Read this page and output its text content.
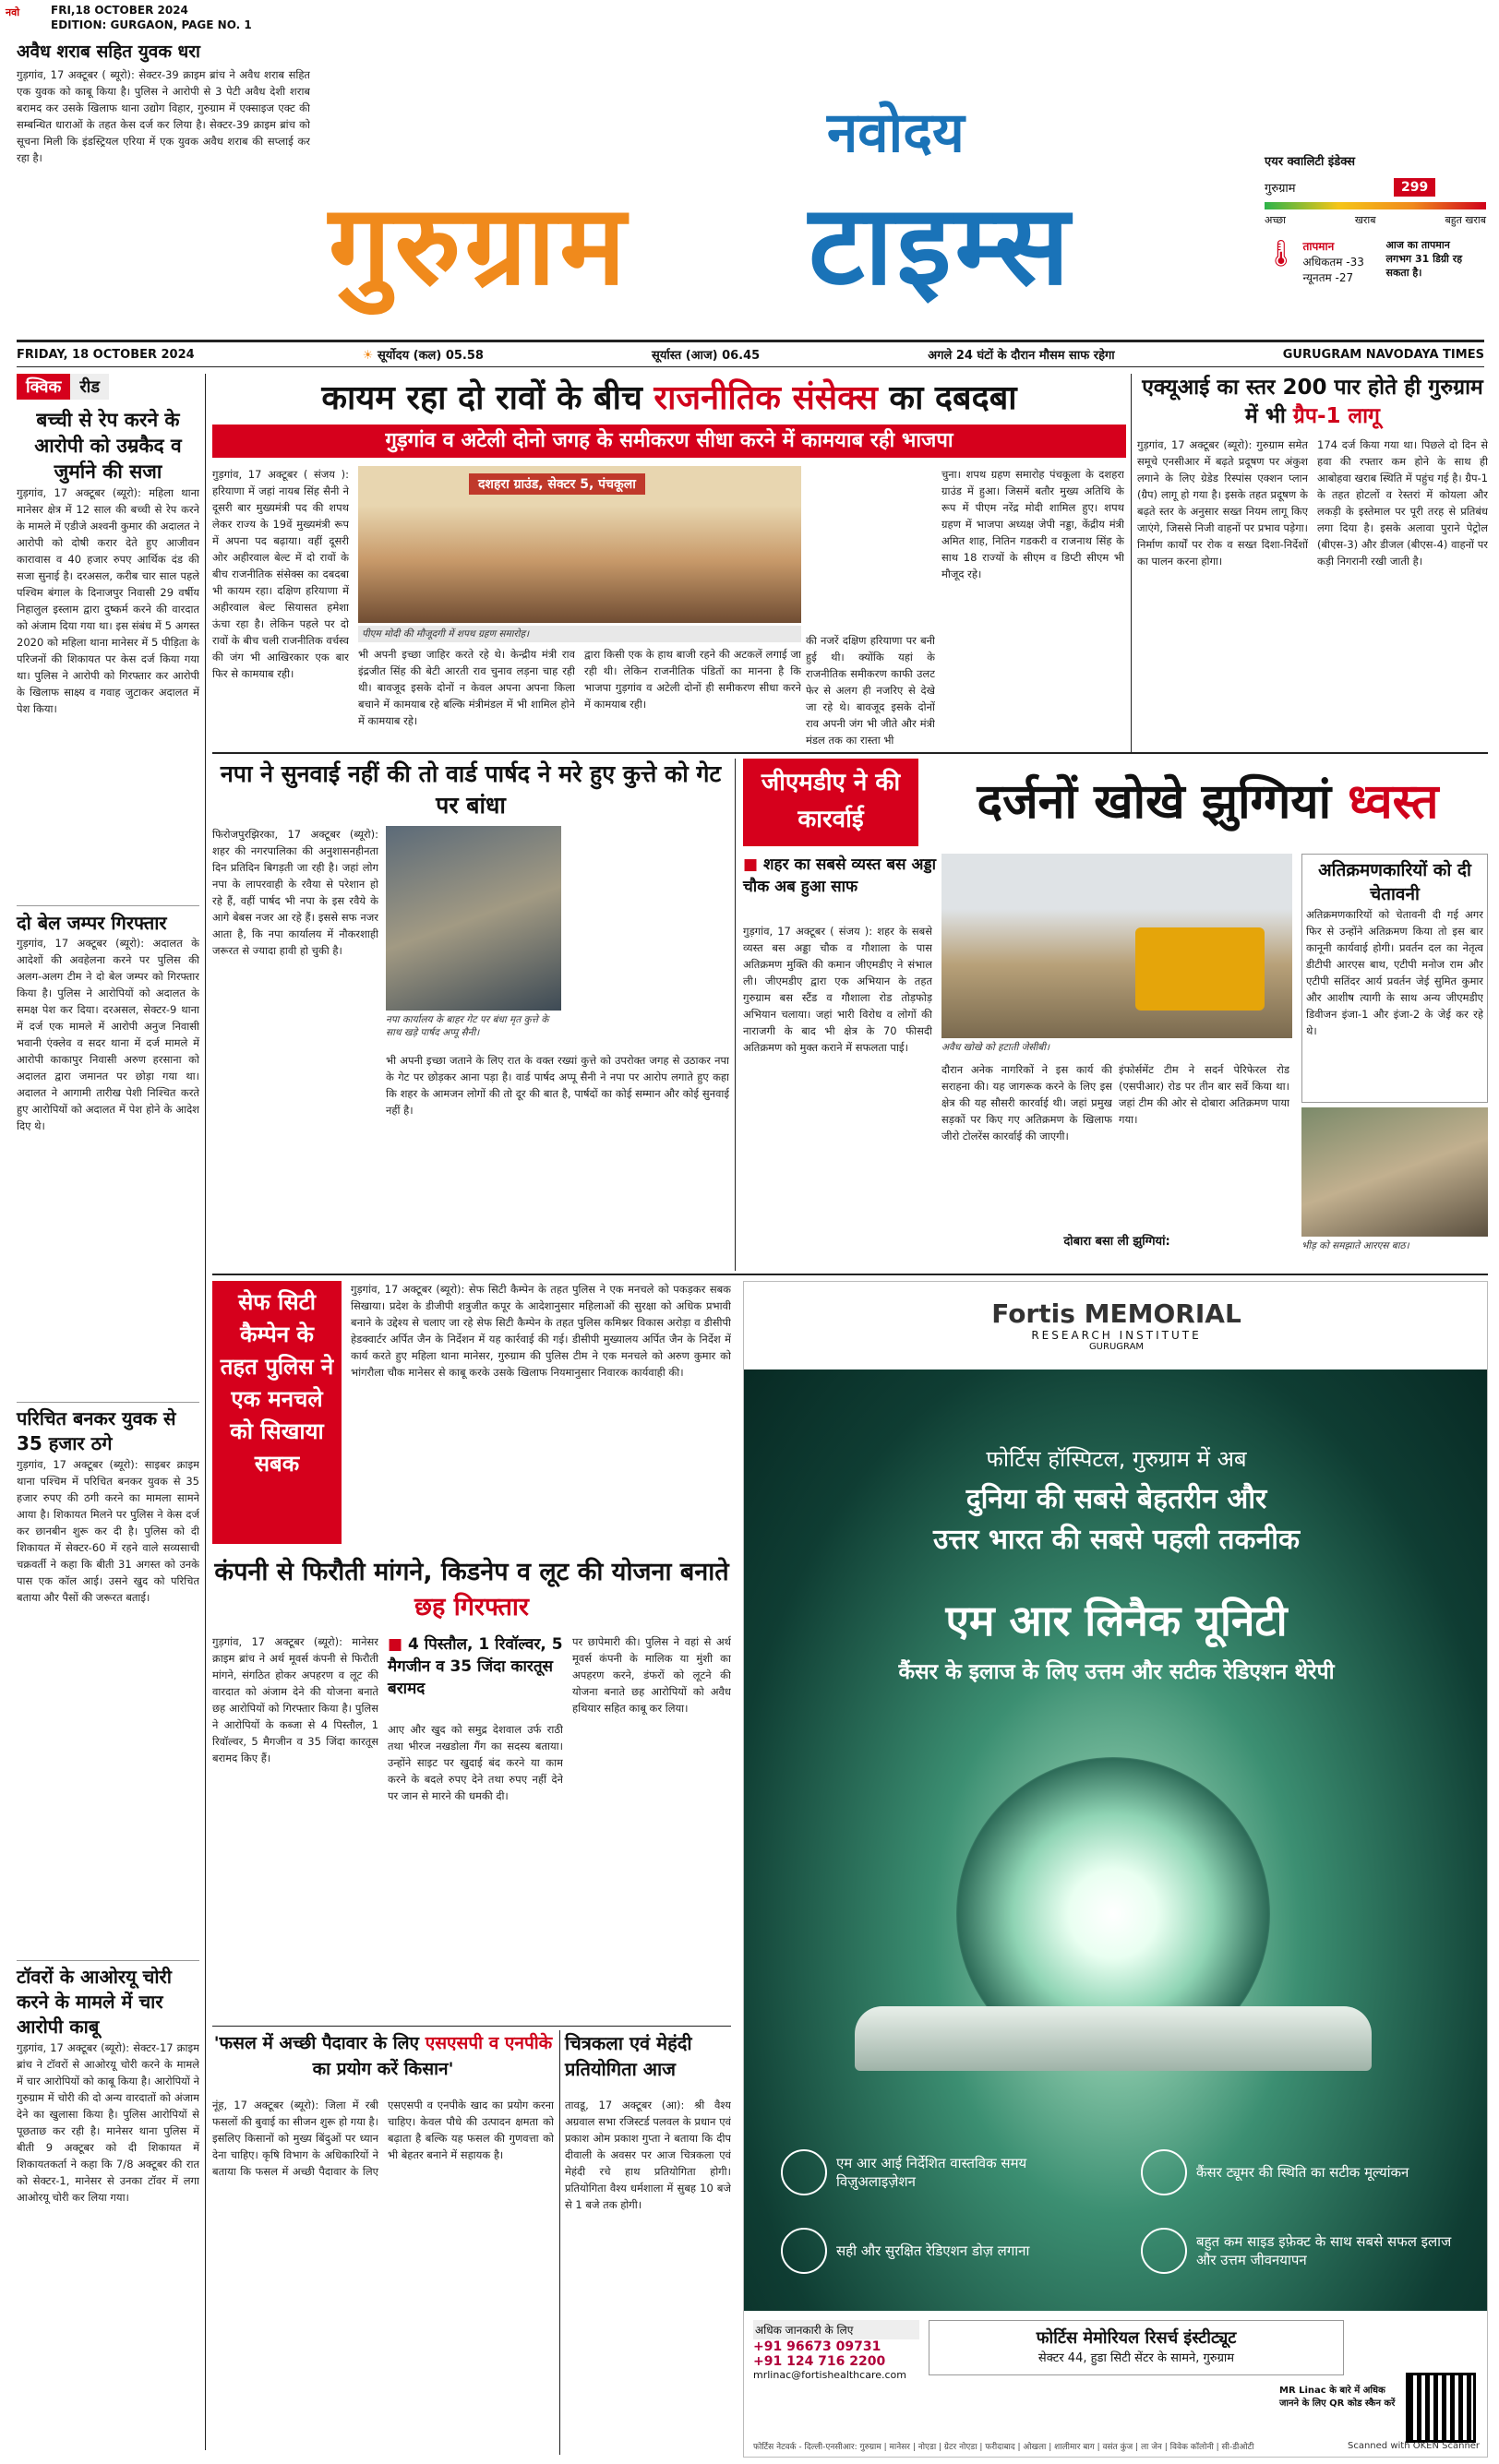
नवो	FRI,18 OCTOBER 2024
EDITION: GURGAON, PAGE NO. 1
अवैध शराब सहित युवक धरा
गुड़गांव, 17 अक्टूबर ( ब्यूरो): सेक्टर-39 क्राइम ब्रांच ने अवैध शराब सहित एक युवक को काबू किया है। पुलिस ने आरोपी से 3 पेटी अवैध देशी शराब बरामद कर उसके खिलाफ थाना उद्योग विहार, गुरुग्राम में एक्साइज एक्ट की सम्बन्धित धाराओं के तहत केस दर्ज कर लिया है। सेक्टर-39 क्राइम ब्रांच को सूचना मिली कि इंडस्ट्रियल एरिया में एक युवक अवैध शराब की सप्लाई कर रहा है।	नवोदय
गुरुग्राम टाइम्स
एयर क्वालिटी इंडेक्स
गुरुग्राम	299
अच्छा	खराब	बहुत खराब
🌡 तापमान
अधिकतम -33
न्यूनतम -27
आज का तापमान लगभग 31 डिग्री रह सकता है।
FRIDAY, 18 OCTOBER 2024	☀ सूर्योदय (कल) 05.58	सूर्यास्त (आज) 06.45	अगले 24 घंटों के दौरान मौसम साफ रहेगा	GURUGRAM NAVODAYA TIMES
क्विक	रीड
बच्ची से रेप करने के आरोपी को उम्रकैद व जुर्माने की सजा
गुड़गांव, 17 अक्टूबर (ब्यूरो): महिला थाना मानेसर क्षेत्र में 12 साल की बच्ची से रेप करने के मामले में एडीजे अश्वनी कुमार की अदालत ने आरोपी को दोषी करार देते हुए आजीवन कारावास व 40 हजार रुपए आर्थिक दंड की सजा सुनाई है। दरअसल, करीब चार साल पहले पश्चिम बंगाल के दिनाजपुर निवासी 29 वर्षीय निहालुल इस्लाम द्वारा दुष्कर्म करने की वारदात को अंजाम दिया गया था। इस संबंध में 5 अगस्त 2020 को महिला थाना मानेसर में 5 पीड़िता के परिजनों की शिकायत पर केस दर्ज किया गया था। पुलिस ने आरोपी को गिरफ्तार कर आरोपी के खिलाफ साक्ष्य व गवाह जुटाकर अदालत में पेश किया।
दो बेल जम्पर गिरफ्तार
गुड़गांव, 17 अक्टूबर (ब्यूरो): अदालत के आदेशों की अवहेलना करने पर पुलिस की अलग-अलग टीम ने दो बेल जम्पर को गिरफ्तार किया है। पुलिस ने आरोपियों को अदालत के समक्ष पेश कर दिया। दरअसल, सेक्टर-9 थाना में दर्ज एक मामले में आरोपी अनुज निवासी भवानी एंक्लेव व सदर थाना में दर्ज मामले में आरोपी काकापुर निवासी अरुण हरसाना को अदालत द्वारा जमानत पर छोड़ा गया था। अदालत ने आगामी तारीख पेशी निश्चित करते हुए आरोपियों को अदालत में पेश होने के आदेश दिए थे।
परिचित बनकर युवक से 35 हजार ठगे
गुड़गांव, 17 अक्टूबर (ब्यूरो): साइबर क्राइम थाना पश्चिम में परिचित बनकर युवक से 35 हजार रुपए की ठगी करने का मामला सामने आया है। शिकायत मिलने पर पुलिस ने केस दर्ज कर छानबीन शुरू कर दी है। पुलिस को दी शिकायत में सेक्टर-60 में रहने वाले सव्यसाची चक्रवर्ती ने कहा कि बीती 31 अगस्त को उनके पास एक कॉल आई। उसने खुद को परिचित बताया और पैसों की जरूरत बताई।
टॉवरों के आओरयू चोरी करने के मामले में चार आरोपी काबू
गुड़गांव, 17 अक्टूबर (ब्यूरो): सेक्टर-17 क्राइम ब्रांच ने टॉवरों से आओरयू चोरी करने के मामले में चार आरोपियों को काबू किया है। आरोपियों ने गुरुग्राम में चोरी की दो अन्य वारदातों को अंजाम देने का खुलासा किया है। पुलिस आरोपियों से पूछताछ कर रही है। मानेसर थाना पुलिस में बीती 9 अक्टूबर को दी शिकायत में शिकायतकर्ता ने कहा कि 7/8 अक्टूबर की रात को सेक्टर-1, मानेसर से उनका टॉवर में लगा आओरयू चोरी कर लिया गया।
कायम रहा दो रावों के बीच राजनीतिक संसेक्स का दबदबा
गुड़गांव व अटेली दोनो जगह के समीकरण सीधा करने में कामयाब रही भाजपा
गुड़गांव, 17 अक्टूबर ( संजय ): हरियाणा में जहां नायब सिंह सैनी ने दूसरी बार मुख्यमंत्री पद की शपथ लेकर राज्य के 19वें मुख्यमंत्री रूप में अपना पद बढ़ाया। वहीं दूसरी ओर अहीरवाल बेल्ट में दो रावों के बीच राजनीतिक संसेक्स का दबदबा भी कायम रहा। दक्षिण हरियाणा में अहीरवाल बेल्ट सियासत हमेशा ऊंचा रहा है। लेकिन पहले पर दो रावों के बीच चली राजनीतिक वर्चस्व की जंग भी आखिरकार एक बार फिर से कामयाब रही।
दशहरा ग्राउंड, सेक्टर 5, पंचकूला
पीएम मोदी की मौजूदगी में शपथ ग्रहण समारोह।
भी अपनी इच्छा जाहिर करते रहे थे। केन्द्रीय मंत्री राव इंद्रजीत सिंह की बेटी आरती राव चुनाव लड़ना चाह रही थी। बावजूद इसके दोनों न केवल अपना अपना किला बचाने में कामयाब रहे बल्कि मंत्रीमंडल में भी शामिल होने में कामयाब रहे।
द्वारा किसी एक के हाथ बाजी रहने की अटकलें लगाई जा रही थी। लेकिन राजनीतिक पंडितों का मानना है कि भाजपा गुड़गांव व अटेली दोनों ही समीकरण सीधा करने में कामयाब रही।
की नजरें दक्षिण हरियाणा पर बनी हुई थी। क्योंकि यहां के राजनीतिक समीकरण काफी उलट फेर से अलग ही नजरिए से देखे जा रहे थे। बावजूद इसके दोनों राव अपनी जंग भी जीते और मंत्री मंडल तक का रास्ता भी
चुना। शपथ ग्रहण समारोह पंचकूला के दशहरा ग्राउंड में हुआ। जिसमें बतौर मुख्य अतिथि के रूप में पीएम नरेंद्र मोदी शामिल हुए। शपथ ग्रहण में भाजपा अध्यक्ष जेपी नड्डा, केंद्रीय मंत्री अमित शाह, नितिन गडकरी व राजनाथ सिंह के साथ 18 राज्यों के सीएम व डिप्टी सीएम भी मौजूद रहे।
एक्यूआई का स्तर 200 पार होते ही गुरुग्राम में भी ग्रैप-1 लागू
गुड़गांव, 17 अक्टूबर (ब्यूरो): गुरुग्राम समेत समूचे एनसीआर में बढ़ते प्रदूषण पर अंकुश लगाने के लिए ग्रेडेड रिस्पांस एक्शन प्लान (ग्रैप) लागू हो गया है। इसके तहत प्रदूषण के बढ़ते स्तर के अनुसार सख्त नियम लागू किए जाएंगे, जिससे निजी वाहनों पर प्रभाव पड़ेगा। निर्माण कार्यों पर रोक व सख्त दिशा-निर्देशों का पालन करना होगा।
174 दर्ज किया गया था। पिछले दो दिन से हवा की रफ्तार कम होने के साथ ही आबोहवा खराब स्थिति में पहुंच गई है। ग्रैप-1 के तहत होटलों व रेस्तरां में कोयला और लकड़ी के इस्तेमाल पर पूरी तरह से प्रतिबंध लगा दिया है। इसके अलावा पुराने पेट्रोल (बीएस-3) और डीजल (बीएस-4) वाहनों पर कड़ी निगरानी रखी जाती है।
नपा ने सुनवाई नहीं की तो वार्ड पार्षद ने मरे हुए कुत्ते को गेट पर बांधा
फिरोजपुरझिरका, 17 अक्टूबर (ब्यूरो): शहर की नगरपालिका की अनुशासनहीनता दिन प्रतिदिन बिगड़ती जा रही है। जहां लोग नपा के लापरवाही के रवैया से परेशान हो रहे हैं, वहीं पार्षद भी नपा के इस रवैये के आगे बेबस नजर आ रहे हैं। इससे सफ नजर आता है, कि नपा कार्यालय में नौकरशाही जरूरत से ज्यादा हावी हो चुकी है।
नपा कार्यालय के बाहर गेट पर बंधा मृत कुत्ते के साथ खड़े पार्षद अप्पू सैनी।
भी अपनी इच्छा जताने के लिए रात के वक्त रख्यां कुत्ते को उपरोक्त जगह से उठाकर नपा के गेट पर छोड़कर आना पड़ा है। वार्ड पार्षद अप्पू सैनी ने नपा पर आरोप लगाते हुए कहा कि शहर के आमजन लोगों की तो दूर की बात है, पार्षदों का कोई सम्मान और कोई सुनवाई नहीं है।
जीएमडीए ने की कारर्वाई	दर्जनों खोखे झुग्गियां ध्वस्त
■ शहर का सबसे व्यस्त बस अड्डा चौक अब हुआ साफ
गुड़गांव, 17 अक्टूबर ( संजय ): शहर के सबसे व्यस्त बस अड्डा चौक व गौशाला के पास अतिक्रमण मुक्ति की कमान जीएमडीए ने संभाल ली। जीएमडीए द्वारा एक अभियान के तहत गुरुग्राम बस स्टैंड व गौशाला रोड तोड़फोड़ अभियान चलाया। जहां भारी विरोध व लोगों की नाराजगी के बाद भी क्षेत्र के 70 फीसदी अतिक्रमण को मुक्त कराने में सफलता पाई।	अवैध खोखे को हटाती जेसीबी।
अतिक्रमणकारियों को दी चेतावनी
अतिक्रमणकारियों को चेतावनी दी गई अगर फिर से उन्होंने अतिक्रमण किया तो इस बार कानूनी कार्यवाई होगी। प्रवर्तन दल का नेतृत्व डीटीपी आरएस बाथ, एटीपी मनोज राम और एटीपी सतिंदर आर्य प्रवर्तन जेई सुमित कुमार और आशीष त्यागी के साथ अन्य जीएमडीए डिवीजन इंजा-1 और इंजा-2 के जेई कर रहे थे।
दौरान अनेक नागरिकों ने इस कार्य की सराहना की। यह जागरूक करने के लिए इस क्षेत्र की यह सौसरी कारर्वाई थी। जहां प्रमुख सड़कों पर किए गए अतिक्रमण के खिलाफ जीरो टोलरेंस कारर्वाई की जाएगी।
इंफोर्समेंट टीम ने सदर्न पेरिफेरल रोड (एसपीआर) रोड पर तीन बार सर्वे किया था। जहां टीम की ओर से दोबारा अतिक्रमण पाया गया।
भीड़ को समझाते आरएस बाठ।
दोबारा बसा ली झुग्गियां:
सेफ सिटी कैम्पेन के तहत पुलिस ने एक मनचले को सिखाया सबक
गुड़गांव, 17 अक्टूबर (ब्यूरो): सेफ सिटी कैम्पेन के तहत पुलिस ने एक मनचले को पकड़कर सबक सिखाया। प्रदेश के डीजीपी शत्रुजीत कपूर के आदेशानुसार महिलाओं की सुरक्षा को अधिक प्रभावी बनाने के उद्देश्य से चलाए जा रहे सेफ सिटी कैम्पेन के तहत पुलिस कमिश्नर विकास अरोड़ा व डीसीपी हेडक्वार्टर अर्पित जैन के निर्देशन में यह कार्रवाई की गई। डीसीपी मुख्यालय अर्पित जैन के निर्देश में कार्य करते हुए महिला थाना मानेसर, गुरुग्राम की पुलिस टीम ने एक मनचले को अरुण कुमार को भांगरौला चौक मानेसर से काबू करके उसके खिलाफ नियमानुसार निवारक कार्यवाही की।
कंपनी से फिरौती मांगने, किडनेप व लूट की योजना बनाते छह गिरफ्तार
गुड़गांव, 17 अक्टूबर (ब्यूरो): मानेसर क्राइम ब्रांच ने अर्थ मूवर्स कंपनी से फिरौती मांगने, संगठित होकर अपहरण व लूट की वारदात को अंजाम देने की योजना बनाते छह आरोपियों को गिरफ्तार किया है। पुलिस ने आरोपियों के कब्जा से 4 पिस्तौल, 1 रिवॉल्वर, 5 मैगजीन व 35 जिंदा कारतूस बरामद किए हैं।
■ 4 पिस्तौल, 1 रिवॉल्वर, 5 मैगजीन व 35 जिंदा कारतूस बरामद
आए और खुद को समुद्र देशवाल उर्फ राठी तथा भीरज नखडोला गैंग का सदस्य बताया। उन्होंने साइट पर खुदाई बंद करने या काम करने के बदले रुपए देने तथा रुपए नहीं देने पर जान से मारने की धमकी दी।
पर छापेमारी की। पुलिस ने वहां से अर्थ मूवर्स कंपनी के मालिक या मुंशी का अपहरण करने, डंफरों को लूटने की योजना बनाते छह आरोपियों को अवैध हथियार सहित काबू कर लिया।
'फसल में अच्छी पैदावार के लिए एसएसपी व एनपीके का प्रयोग करें किसान'
नूंह, 17 अक्टूबर (ब्यूरो): जिला में रबी फसलों की बुवाई का सीजन शुरू हो गया है। इसलिए किसानों को मुख्य बिंदुओं पर ध्यान देना चाहिए। कृषि विभाग के अधिकारियों ने बताया कि फसल में अच्छी पैदावार के लिए एसएसपी व एनपीके खाद का प्रयोग करना चाहिए। केवल पौधे की उत्पादन क्षमता को बढ़ाता है बल्कि यह फसल की गुणवत्ता को भी बेहतर बनाने में सहायक है।
चित्रकला एवं मेहंदी प्रतियोगिता आज
तावडू, 17 अक्टूबर (आ): श्री वैश्य अग्रवाल सभा रजिस्टर्ड पलवल के प्रधान एवं प्रकाश ओम प्रकाश गुप्ता ने बताया कि दीप दीवाली के अवसर पर आज चित्रकला एवं मेहंदी रचे हाथ प्रतियोगिता होगी। प्रतियोगिता वैश्य धर्मशाला में सुबह 10 बजे से 1 बजे तक होगी।
Fortis MEMORIAL
RESEARCH INSTITUTE
GURUGRAM
फोर्टिस हॉस्पिटल, गुरुग्राम में अब
दुनिया की सबसे बेहतरीन और
उत्तर भारत की सबसे पहली तकनीक
एम आर लिनैक यूनिटी
कैंसर के इलाज के लिए उत्तम और सटीक रेडिएशन थेरेपी
एम आर आई निर्देशित वास्तविक समय विज़ुअलाइज़ेशन
कैंसर ट्यूमर की स्थिति का सटीक मूल्यांकन
सही और सुरक्षित रेडिएशन डोज़ लगाना
बहुत कम साइड इफ़ेक्ट के साथ सबसे सफल इलाज और उत्तम जीवनयापन
अधिक जानकारी के लिए
+91 96673 09731
+91 124 716 2200
mrlinac@fortishealthcare.com
फोर्टिस मेमोरियल रिसर्च इंस्टीट्यूट
सेक्टर 44, हुडा सिटी सेंटर के सामने, गुरुग्राम
MR Linac के बारे में अधिक जानने के लिए QR कोड स्कैन करें
फोर्टिस नेटवर्क - दिल्ली-एनसीआर: गुरुग्राम | मानेसर | नोएडा | ग्रेटर नोएडा | फरीदाबाद | ओखला | शालीमार बाग | वसंत कुंज | ला जेन | विवेक कॉलोनी | सी-डीओटी	Scanned with OKEN Scanner
